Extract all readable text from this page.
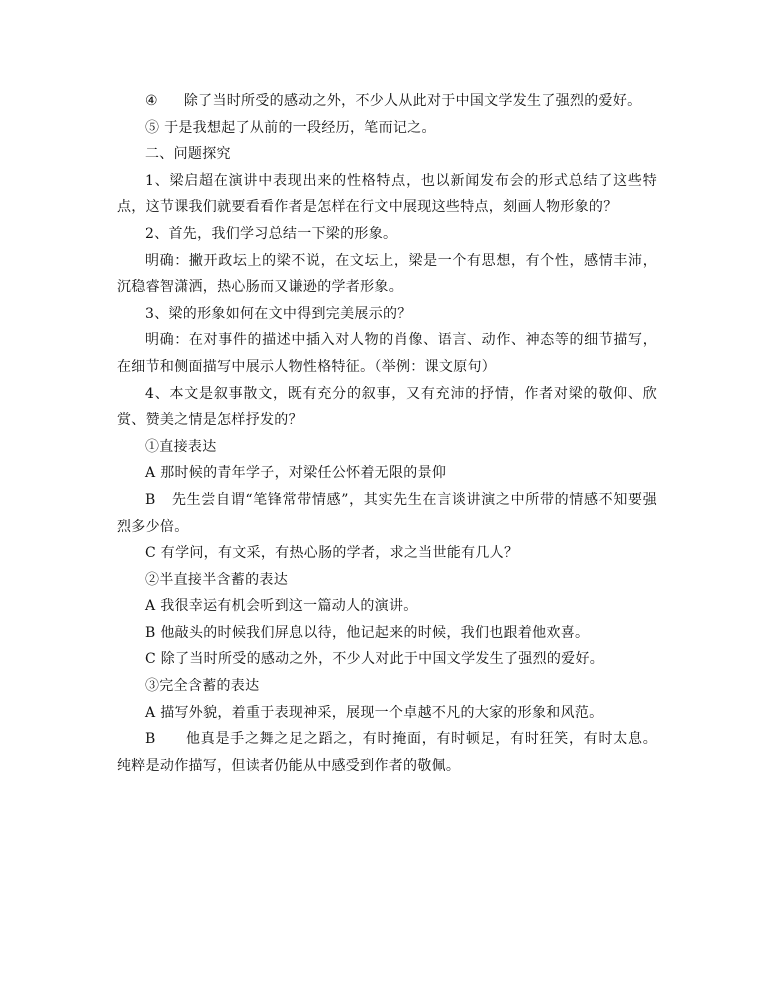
④ 除了当时所受的感动之外，不少人从此对于中国文学发生了强烈的爱好。

⑤ 于是我想起了从前的一段经历，笔而记之。

二、问题探究

1、梁启超在演讲中表现出来的性格特点，也以新闻发布会的形式总结了这些特点，这节课我们就要看看作者是怎样在行文中展现这些特点，刻画人物形象的？

2、首先，我们学习总结一下梁的形象。

明确：撇开政坛上的梁不说，在文坛上，梁是一个有思想，有个性，感情丰沛，沉稳睿智潇洒，热心肠而又谦逊的学者形象。

3、梁的形象如何在文中得到完美展示的？

明确：在对事件的描述中插入对人物的肖像、语言、动作、神态等的细节描写，在细节和侧面描写中展示人物性格特征。（举例：课文原句）

4、本文是叙事散文，既有充分的叙事，又有充沛的抒情，作者对梁的敬仰、欣赏、赞美之情是怎样抒发的？

①直接表达

A 那时候的青年学子，对梁任公怀着无限的景仰

B 先生尝自谓“笔锋常带情感”，其实先生在言谈讲演之中所带的情感不知要强烈多少倍。

C 有学问，有文采，有热心肠的学者，求之当世能有几人？

②半直接半含蓄的表达

A 我很幸运有机会听到这一篇动人的演讲。

B 他敲头的时候我们屏息以待，他记起来的时候，我们也跟着他欢喜。

C 除了当时所受的感动之外，不少人对此于中国文学发生了强烈的爱好。

③完全含蓄的表达

A 描写外貌，着重于表现神采，展现一个卓越不凡的大家的形象和风范。

B 他真是手之舞之足之蹈之，有时掩面，有时顿足，有时狂笑，有时太息。纯粹是动作描写，但读者仍能从中感受到作者的敬佩。
